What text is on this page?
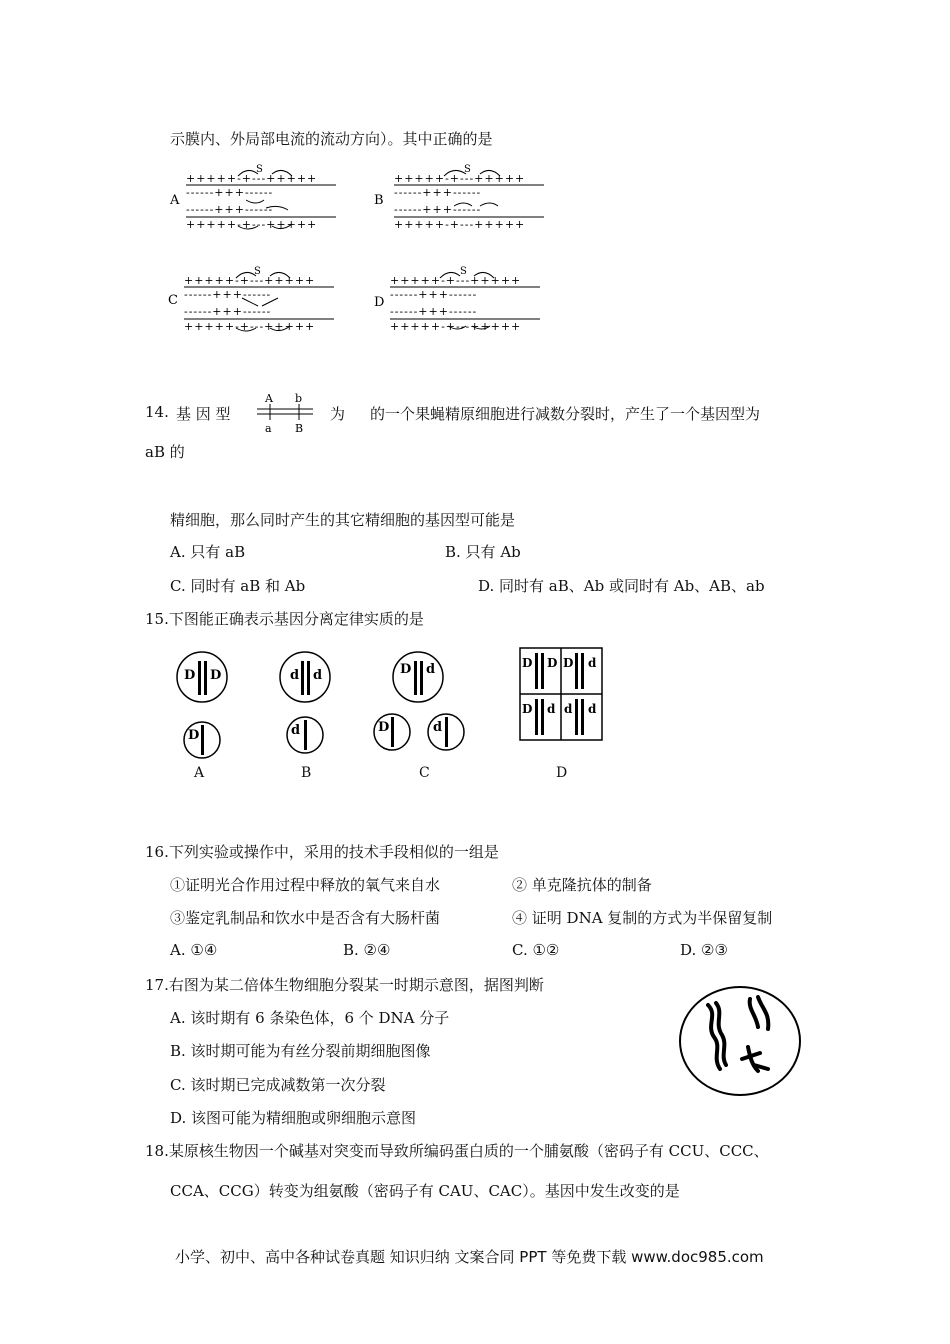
示膜内、外局部电流的流动方向）。其中正确的是
A
S
+++++-+---+++++
------+++------
------+++------
+++++-+---+++++
B
S
+++++-+---+++++
------+++------
------+++------
+++++-+---+++++
C
S
+++++-+---+++++
------+++------
------+++------
+++++-+---+++++
D
S
+++++-+---+++++
------+++------
------+++------
+++++-+---+++++
14. 基 因 型
A b
a B
为 的一个果蝇精原细胞进行减数分裂时，产生了一个基因型为
aB 的
精细胞，那么同时产生的其它精细胞的基因型可能是
A. 只有 aB	B. 只有 Ab
C. 同时有 aB 和 Ab	D. 同时有 aB、Ab 或同时有 Ab、AB、ab
15.下图能正确表示基因分离定律实质的是
D D
D
d d
d
D d
D	d
D D D d
D d d d
A	B	C	D
16.下列实验或操作中，采用的技术手段相似的一组是
①证明光合作用过程中释放的氧气来自水	② 单克隆抗体的制备
③鉴定乳制品和饮水中是否含有大肠杆菌	④ 证明 DNA 复制的方式为半保留复制
A. ①④	B. ②④	C. ①②	D. ②③
17.右图为某二倍体生物细胞分裂某一时期示意图，据图判断
A. 该时期有 6 条染色体，6 个 DNA 分子
B. 该时期可能为有丝分裂前期细胞图像
C. 该时期已完成减数第一次分裂
D. 该图可能为精细胞或卵细胞示意图
18.某原核生物因一个碱基对突变而导致所编码蛋白质的一个脯氨酸（密码子有 CCU、CCC、
CCA、CCG）转变为组氨酸（密码子有 CAU、CAC）。基因中发生改变的是
小学、初中、高中各种试卷真题 知识归纳 文案合同 PPT 等免费下载 www.doc985.com
